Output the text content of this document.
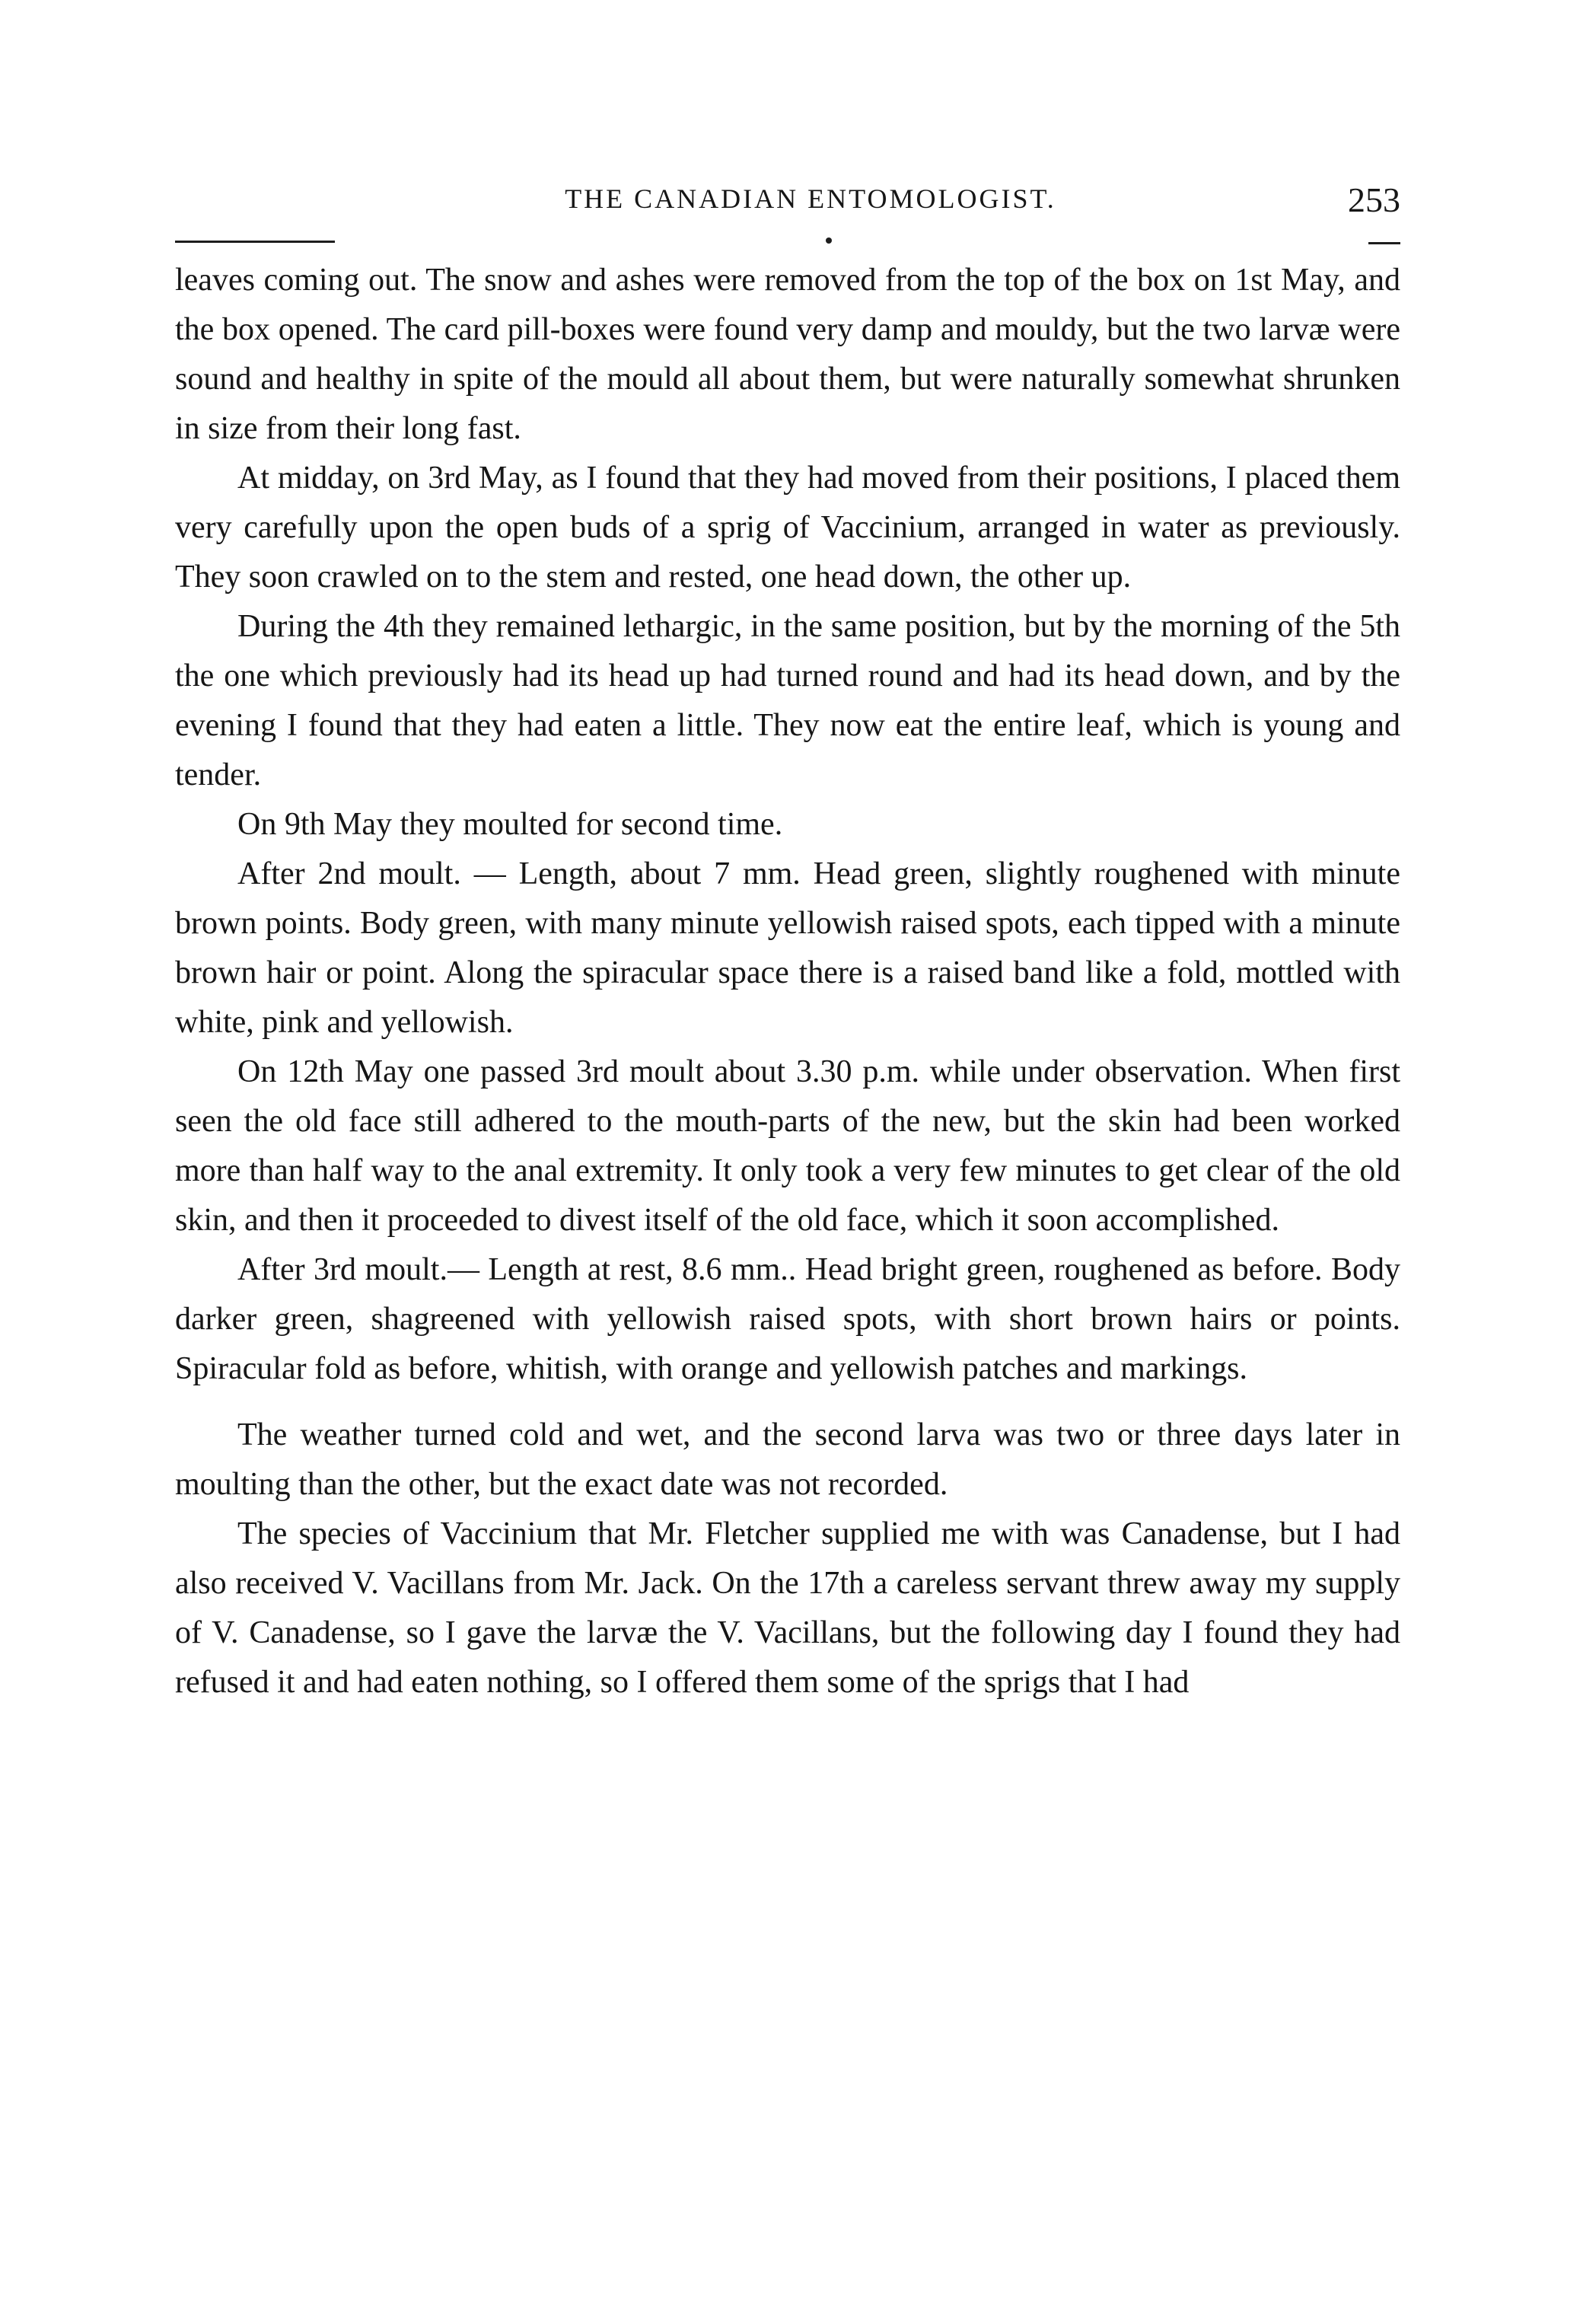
THE CANADIAN ENTOMOLOGIST.	253

leaves coming out. The snow and ashes were removed from the top of the box on 1st May, and the box opened. The card pill-boxes were found very damp and mouldy, but the two larvæ were sound and healthy in spite of the mould all about them, but were naturally somewhat shrunken in size from their long fast.

At midday, on 3rd May, as I found that they had moved from their positions, I placed them very carefully upon the open buds of a sprig of Vaccinium, arranged in water as previously. They soon crawled on to the stem and rested, one head down, the other up.

During the 4th they remained lethargic, in the same position, but by the morning of the 5th the one which previously had its head up had turned round and had its head down, and by the evening I found that they had eaten a little. They now eat the entire leaf, which is young and tender.

On 9th May they moulted for second time.

After 2nd moult. — Length, about 7 mm. Head green, slightly roughened with minute brown points. Body green, with many minute yellowish raised spots, each tipped with a minute brown hair or point. Along the spiracular space there is a raised band like a fold, mottled with white, pink and yellowish.

On 12th May one passed 3rd moult about 3.30 p.m. while under observation. When first seen the old face still adhered to the mouth-parts of the new, but the skin had been worked more than half way to the anal extremity. It only took a very few minutes to get clear of the old skin, and then it proceeded to divest itself of the old face, which it soon accomplished.

After 3rd moult.— Length at rest, 8.6 mm.. Head bright green, roughened as before. Body darker green, shagreened with yellowish raised spots, with short brown hairs or points. Spiracular fold as before, whitish, with orange and yellowish patches and markings.

The weather turned cold and wet, and the second larva was two or three days later in moulting than the other, but the exact date was not recorded.

The species of Vaccinium that Mr. Fletcher supplied me with was Canadense, but I had also received V. Vacillans from Mr. Jack. On the 17th a careless servant threw away my supply of V. Canadense, so I gave the larvæ the V. Vacillans, but the following day I found they had refused it and had eaten nothing, so I offered them some of the sprigs that I had
